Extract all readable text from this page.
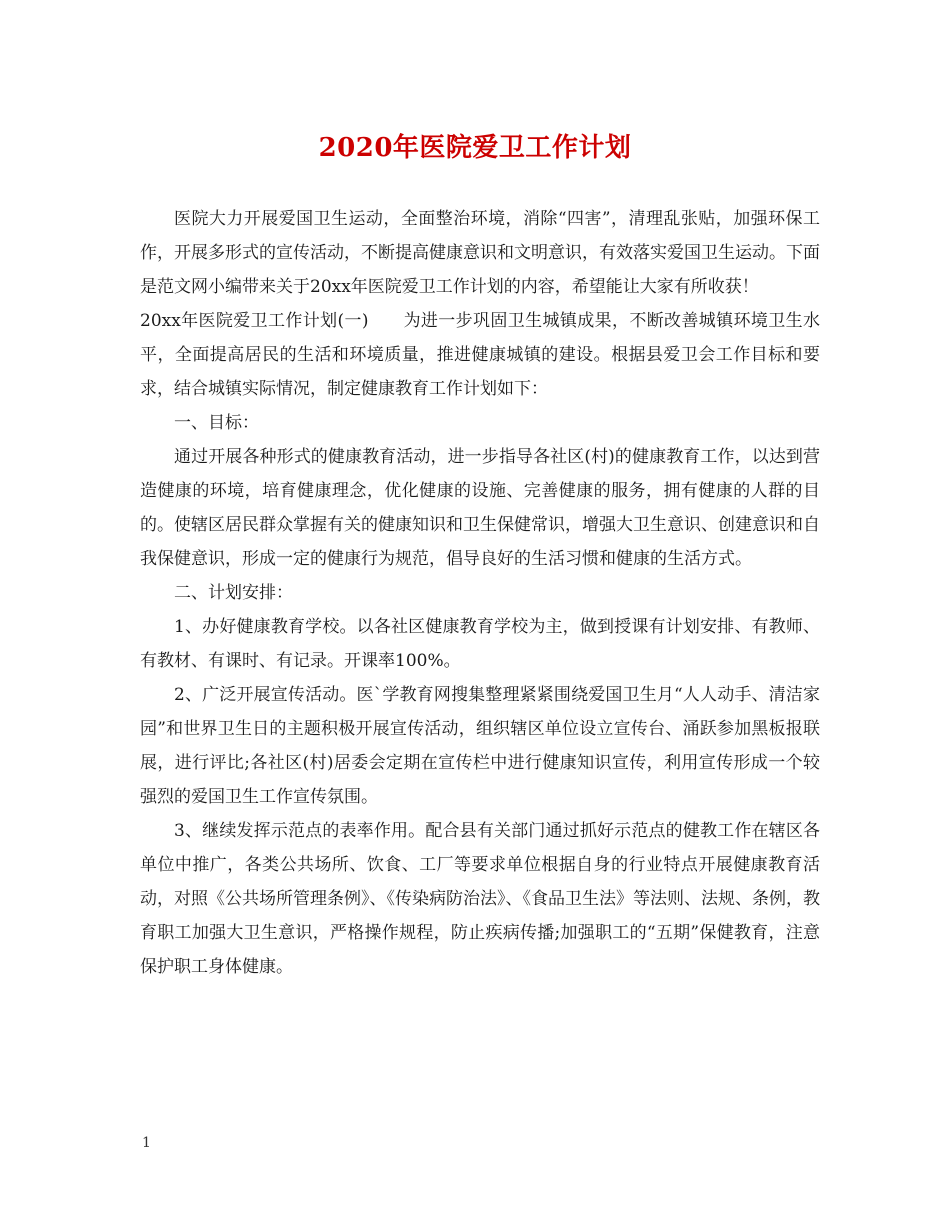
2020年医院爱卫工作计划

医院大力开展爱国卫生运动，全面整治环境，消除“四害”，清理乱张贴，加强环保工作，开展多形式的宣传活动，不断提高健康意识和文明意识，有效落实爱国卫生运动。下面是范文网小编带来关于20xx年医院爱卫工作计划的内容，希望能让大家有所收获！

20xx年医院爱卫工作计划(一)　　为进一步巩固卫生城镇成果，不断改善城镇环境卫生水平，全面提高居民的生活和环境质量，推进健康城镇的建设。根据县爱卫会工作目标和要求，结合城镇实际情况，制定健康教育工作计划如下：

一、目标：

通过开展各种形式的健康教育活动，进一步指导各社区(村)的健康教育工作，以达到营造健康的环境，培育健康理念，优化健康的设施、完善健康的服务，拥有健康的人群的目的。使辖区居民群众掌握有关的健康知识和卫生保健常识，增强大卫生意识、创建意识和自我保健意识，形成一定的健康行为规范，倡导良好的生活习惯和健康的生活方式。

二、计划安排：

1、办好健康教育学校。以各社区健康教育学校为主，做到授课有计划安排、有教师、有教材、有课时、有记录。开课率100%。

2、广泛开展宣传活动。医`学教育网搜集整理紧紧围绕爱国卫生月“人人动手、清洁家园”和世界卫生日的主题积极开展宣传活动，组织辖区单位设立宣传台、涌跃参加黑板报联展，进行评比;各社区(村)居委会定期在宣传栏中进行健康知识宣传，利用宣传形成一个较强烈的爱国卫生工作宣传氛围。

3、继续发挥示范点的表率作用。配合县有关部门通过抓好示范点的健教工作在辖区各单位中推广，各类公共场所、饮食、工厂等要求单位根据自身的行业特点开展健康教育活动，对照《公共场所管理条例》、《传染病防治法》、《食品卫生法》等法则、法规、条例，教育职工加强大卫生意识，严格操作规程，防止疾病传播;加强职工的“五期”保健教育，注意保护职工身体健康。

1
